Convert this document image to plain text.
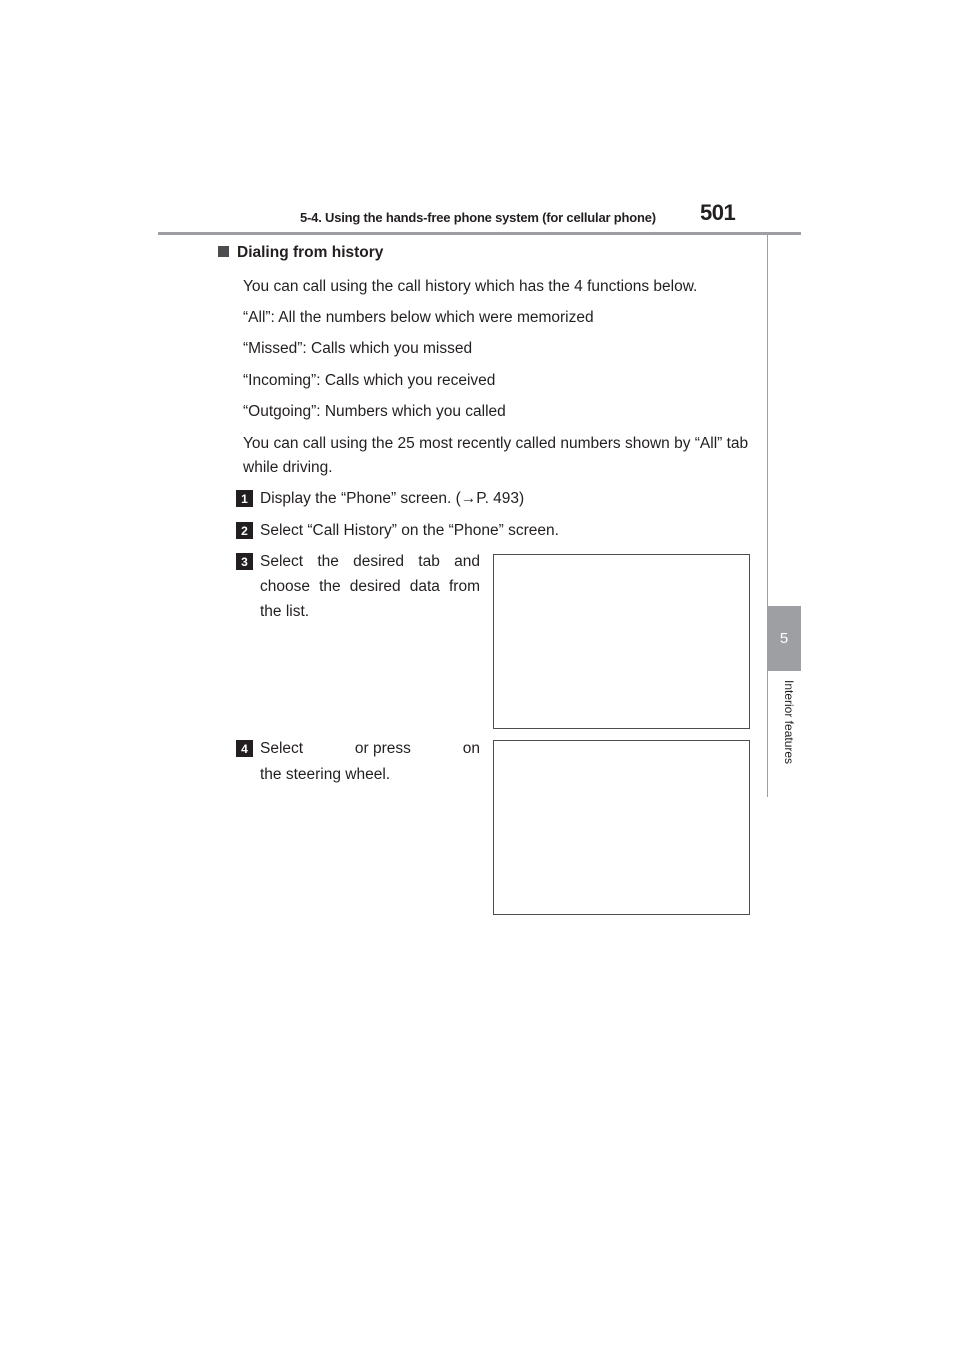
5-4. Using the hands-free phone system (for cellular phone)	501
5
Interior features
Dialing from history
You can call using the call history which has the 4 functions below.
“All”: All the numbers below which were memorized
“Missed”: Calls which you missed
“Incoming”: Calls which you received
“Outgoing”: Numbers which you called
You can call using the 25 most recently called numbers shown by “All” tab while driving.
1 Display the “Phone” screen. (→P. 493)
2 Select “Call History” on the “Phone” screen.
3 Select the desired tab and choose the desired data from the list.
4 Select	or press	on
the steering wheel.
